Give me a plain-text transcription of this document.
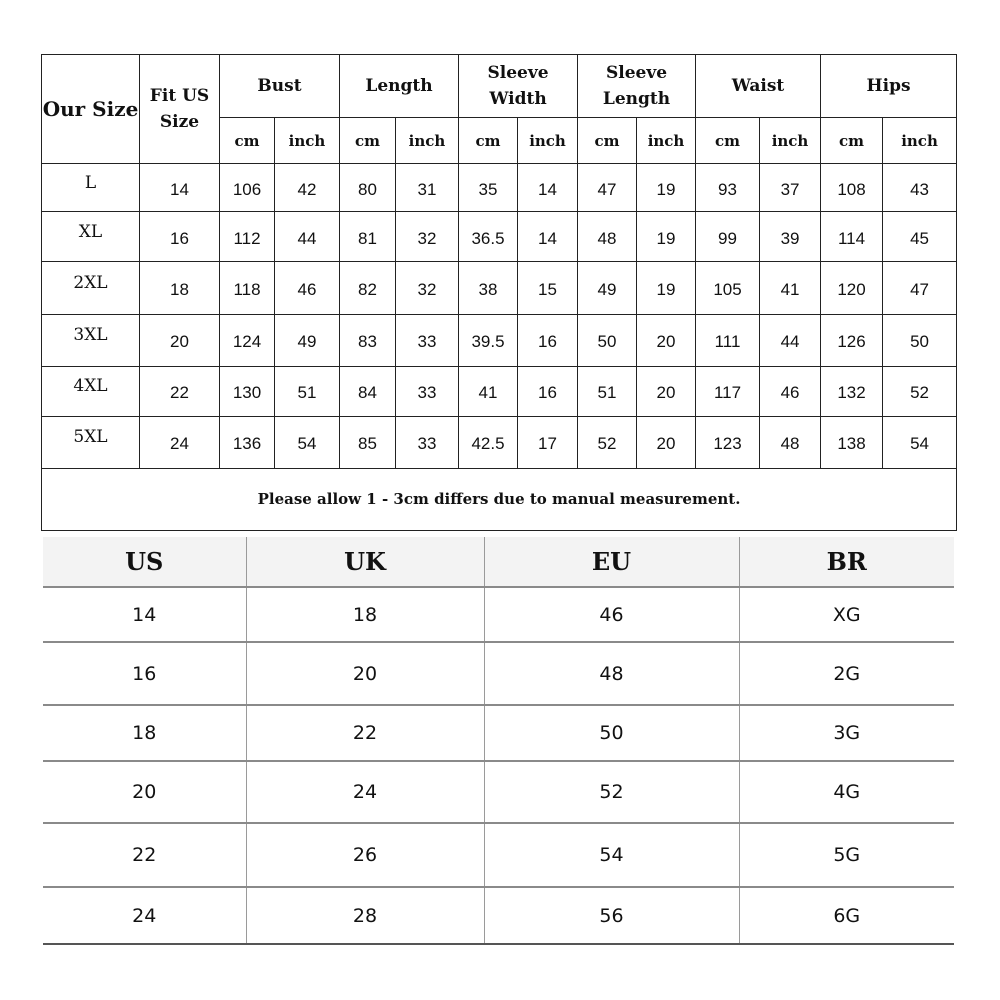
Our Size	Fit US Size	Bust		Length		Sleeve Width		Sleeve Length		Waist		Hips	
		cm	inch	cm	inch	cm	inch	cm	inch	cm	inch	cm	inch
L	14	106	42	80	31	35	14	47	19	93	37	108	43
XL	16	112	44	81	32	36.5	14	48	19	99	39	114	45
2XL	18	118	46	82	32	38	15	49	19	105	41	120	47
3XL	20	124	49	83	33	39.5	16	50	20	111	44	126	50
4XL	22	130	51	84	33	41	16	51	20	117	46	132	52
5XL	24	136	54	85	33	42.5	17	52	20	123	48	138	54
Please allow 1 - 3cm differs due to manual measurement.													
US	UK	EU	BR
14	18	46	XG
16	20	48	2G
18	22	50	3G
20	24	52	4G
22	26	54	5G
24	28	56	6G
